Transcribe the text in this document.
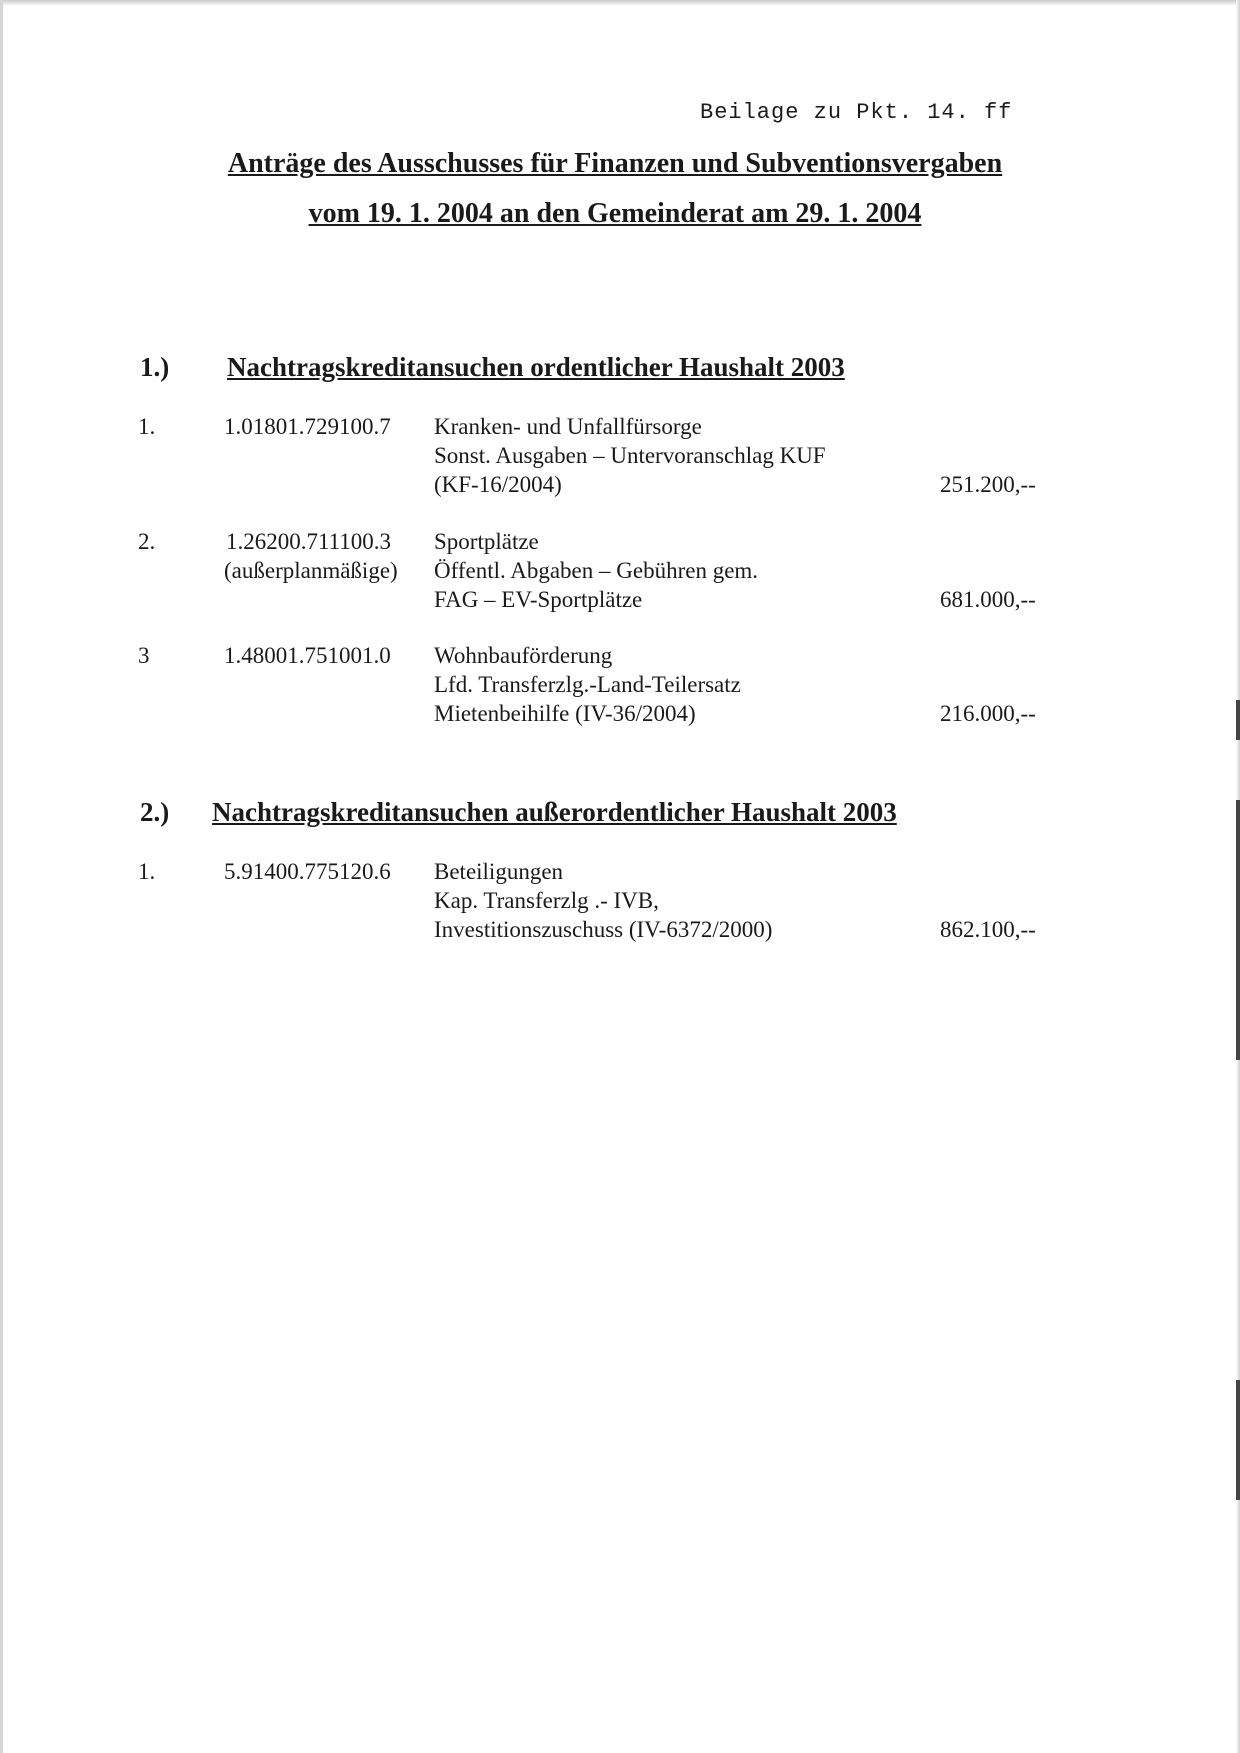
Beilage zu Pkt. 14. ff
Anträge des Ausschusses für Finanzen und Subventionsvergaben
vom 19. 1. 2004 an den Gemeinderat am 29. 1. 2004
1.) Nachtragskreditansuchen ordentlicher Haushalt 2003
1.	1.01801.729100.7 Kranken- und Unfallfürsorge
Sonst. Ausgaben – Untervoranschlag KUF
(KF-16/2004)	251.200,--
2.	1.26200.711100.3
(außerplanmäßige)
Sportplätze
Öffentl. Abgaben – Gebühren gem.
FAG – EV-Sportplätze	681.000,--
3	1.48001.751001.0 Wohnbauförderung
Lfd. Transferzlg.-Land-Teilersatz
Mietenbeihilfe (IV-36/2004)	216.000,--
2.) Nachtragskreditansuchen außerordentlicher Haushalt 2003
1.	5.91400.775120.6 Beteiligungen
Kap. Transferzlg .- IVB,
Investitionszuschuss (IV-6372/2000)	862.100,--
